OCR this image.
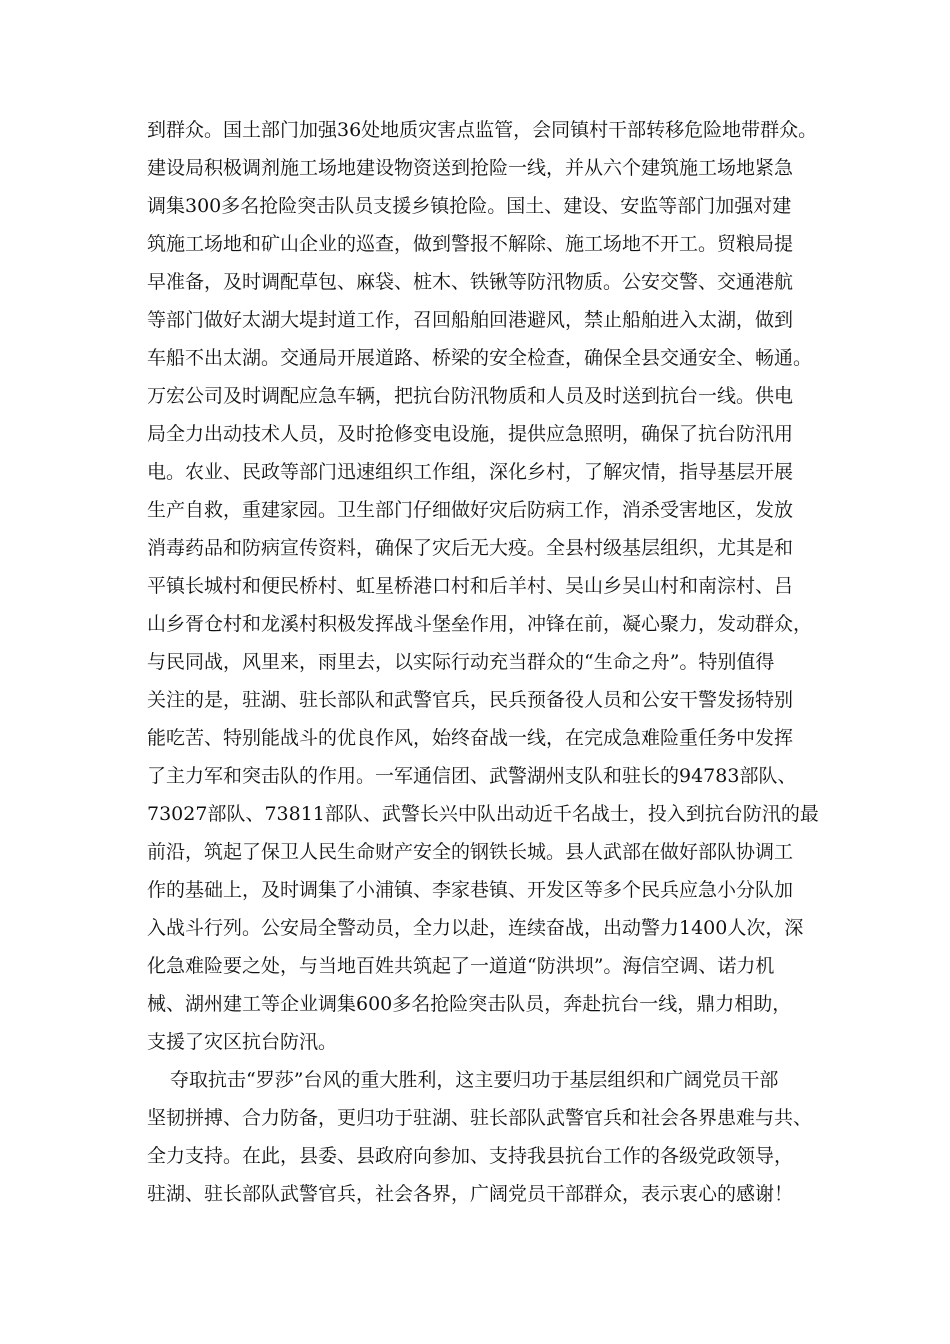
到群众。国土部门加强36处地质灾害点监管，会同镇村干部转移危险地带群众。
建设局积极调剂施工场地建设物资送到抢险一线，并从六个建筑施工场地紧急
调集300多名抢险突击队员支援乡镇抢险。国土、建设、安监等部门加强对建
筑施工场地和矿山企业的巡查，做到警报不解除、施工场地不开工。贸粮局提
早准备，及时调配草包、麻袋、桩木、铁锹等防汛物质。公安交警、交通港航
等部门做好太湖大堤封道工作，召回船舶回港避风，禁止船舶进入太湖，做到
车船不出太湖。交通局开展道路、桥梁的安全检查，确保全县交通安全、畅通。
万宏公司及时调配应急车辆，把抗台防汛物质和人员及时送到抗台一线。供电
局全力出动技术人员，及时抢修变电设施，提供应急照明，确保了抗台防汛用
电。农业、民政等部门迅速组织工作组，深化乡村，了解灾情，指导基层开展
生产自救，重建家园。卫生部门仔细做好灾后防病工作，消杀受害地区，发放
消毒药品和防病宣传资料，确保了灾后无大疫。全县村级基层组织，尤其是和
平镇长城村和便民桥村、虹星桥港口村和后羊村、吴山乡吴山村和南淙村、吕
山乡胥仓村和龙溪村积极发挥战斗堡垒作用，冲锋在前，凝心聚力，发动群众，
与民同战，风里来，雨里去，以实际行动充当群众的“生命之舟”。特别值得
关注的是，驻湖、驻长部队和武警官兵，民兵预备役人员和公安干警发扬特别
能吃苦、特别能战斗的优良作风，始终奋战一线，在完成急难险重任务中发挥
了主力军和突击队的作用。一军通信团、武警湖州支队和驻长的94783部队、
73027部队、73811部队、武警长兴中队出动近千名战士，投入到抗台防汛的最
前沿，筑起了保卫人民生命财产安全的钢铁长城。县人武部在做好部队协调工
作的基础上，及时调集了小浦镇、李家巷镇、开发区等多个民兵应急小分队加
入战斗行列。公安局全警动员，全力以赴，连续奋战，出动警力1400人次，深
化急难险要之处，与当地百姓共筑起了一道道“防洪坝”。海信空调、诺力机
械、湖州建工等企业调集600多名抢险突击队员，奔赴抗台一线，鼎力相助，
支援了灾区抗台防汛。
夺取抗击“罗莎”台风的重大胜利，这主要归功于基层组织和广阔党员干部
坚韧拼搏、合力防备，更归功于驻湖、驻长部队武警官兵和社会各界患难与共、
全力支持。在此，县委、县政府向参加、支持我县抗台工作的各级党政领导，
驻湖、驻长部队武警官兵，社会各界，广阔党员干部群众，表示衷心的感谢！
